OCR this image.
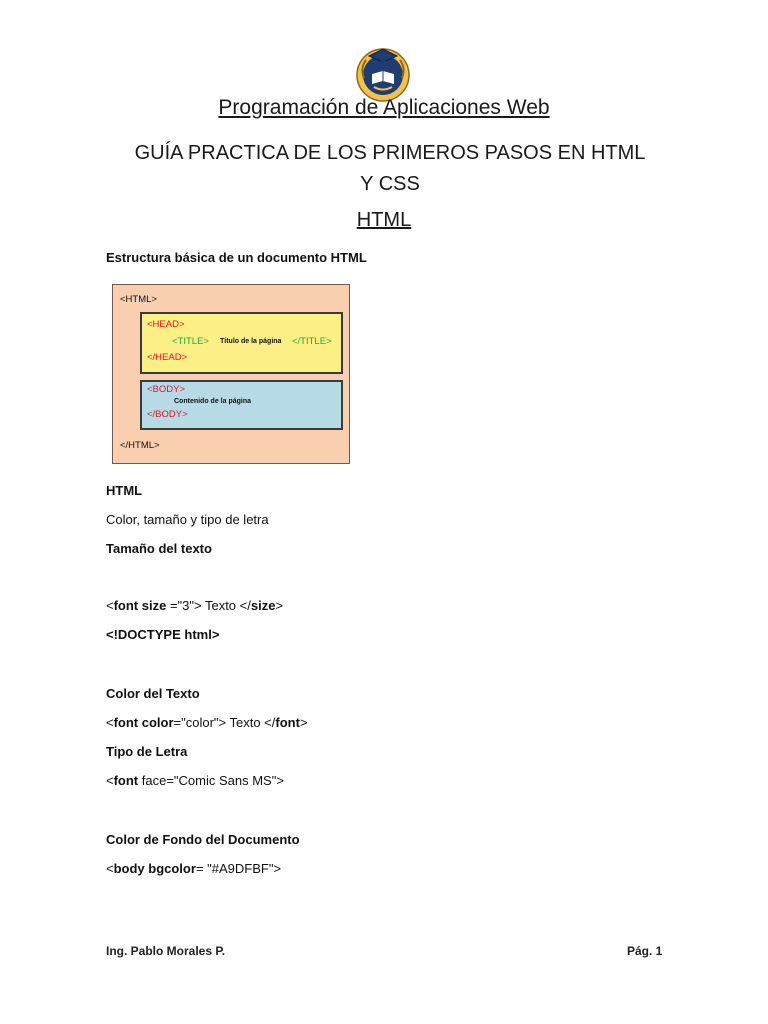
Programación de Aplicaciones Web
GUÍA PRACTICA DE LOS PRIMEROS PASOS EN HTML Y CSS
HTML
Estructura básica de un documento HTML
<HTML>
<HEAD>
<TITLE> Título de la página </TITLE>
</HEAD>
<BODY>
Contenido de la página
</BODY>
</HTML>
HTML
Color, tamaño y tipo de letra
Tamaño del texto
<font size ="3"> Texto </size>
<!DOCTYPE html>
Color del Texto
<font color="color"> Texto </font>
Tipo de Letra
<font face="Comic Sans MS">
Color de Fondo del Documento
<body bgcolor= "#A9DFBF">
Ing. Pablo Morales P.	Pág. 1
